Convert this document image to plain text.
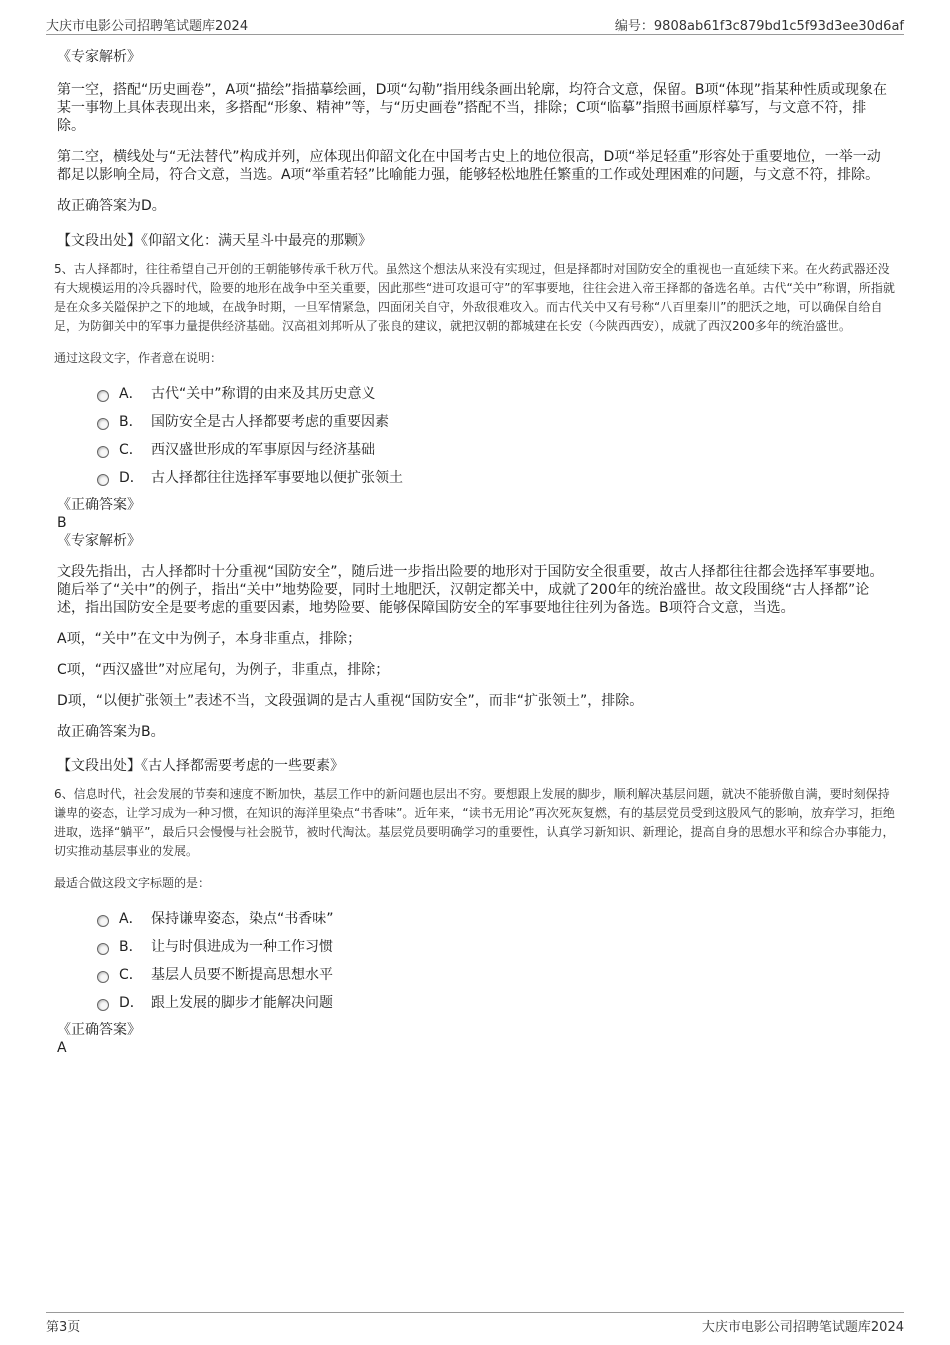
大庆市电影公司招聘笔试题库2024	编号：9808ab61f3c879bd1c5f93d3ee30d6af
《专家解析》
第一空，搭配“历史画卷”，A项“描绘”指描摹绘画，D项“勾勒”指用线条画出轮廓，均符合文意，保留。B项“体现”指某种性质或现象在某一事物上具体表现出来，多搭配“形象、精神”等，与“历史画卷”搭配不当，排除；C项“临摹”指照书画原样摹写，与文意不符，排除。
第二空，横线处与“无法替代”构成并列，应体现出仰韶文化在中国考古史上的地位很高，D项“举足轻重”形容处于重要地位，一举一动都足以影响全局，符合文意，当选。A项“举重若轻”比喻能力强，能够轻松地胜任繁重的工作或处理困难的问题，与文意不符，排除。
故正确答案为D。
【文段出处】《仰韶文化：满天星斗中最亮的那颗》
5、古人择都时，往往希望自己开创的王朝能够传承千秋万代。虽然这个想法从来没有实现过，但是择都时对国防安全的重视也一直延续下来。在火药武器还没有大规模运用的冷兵器时代，险要的地形在战争中至关重要，因此那些“进可攻退可守”的军事要地，往往会进入帝王择都的备选名单。古代“关中”称谓，所指就是在众多关隘保护之下的地域，在战争时期，一旦军情紧急，四面闭关自守，外敌很难攻入。而古代关中又有号称“八百里秦川”的肥沃之地，可以确保自给自足，为防御关中的军事力量提供经济基础。汉高祖刘邦听从了张良的建议，就把汉朝的都城建在长安（今陕西西安），成就了西汉200多年的统治盛世。
通过这段文字，作者意在说明：
A． 古代“关中”称谓的由来及其历史意义
B． 国防安全是古人择都要考虑的重要因素
C． 西汉盛世形成的军事原因与经济基础
D． 古人择都往往选择军事要地以便扩张领土
《正确答案》
B
《专家解析》
文段先指出，古人择都时十分重视“国防安全”，随后进一步指出险要的地形对于国防安全很重要，故古人择都往往都会选择军事要地。随后举了“关中”的例子，指出“关中”地势险要，同时土地肥沃，汉朝定都关中，成就了200年的统治盛世。故文段围绕“古人择都”论述，指出国防安全是要考虑的重要因素，地势险要、能够保障国防安全的军事要地往往列为备选。B项符合文意，当选。
A项，“关中”在文中为例子，本身非重点，排除；
C项，“西汉盛世”对应尾句，为例子，非重点，排除；
D项，“以便扩张领土”表述不当，文段强调的是古人重视“国防安全”，而非“扩张领土”，排除。
故正确答案为B。
【文段出处】《古人择都需要考虑的一些要素》
6、信息时代，社会发展的节奏和速度不断加快，基层工作中的新问题也层出不穷。要想跟上发展的脚步，顺利解决基层问题，就决不能骄傲自满，要时刻保持谦卑的姿态，让学习成为一种习惯，在知识的海洋里染点“书香味”。近年来，“读书无用论”再次死灰复燃，有的基层党员受到这股风气的影响，放弃学习，拒绝进取，选择“躺平”，最后只会慢慢与社会脱节，被时代淘汰。基层党员要明确学习的重要性，认真学习新知识、新理论，提高自身的思想水平和综合办事能力，切实推动基层事业的发展。
最适合做这段文字标题的是：
A． 保持谦卑姿态，染点“书香味”
B． 让与时俱进成为一种工作习惯
C． 基层人员要不断提高思想水平
D． 跟上发展的脚步才能解决问题
《正确答案》
A
第3页	大庆市电影公司招聘笔试题库2024
